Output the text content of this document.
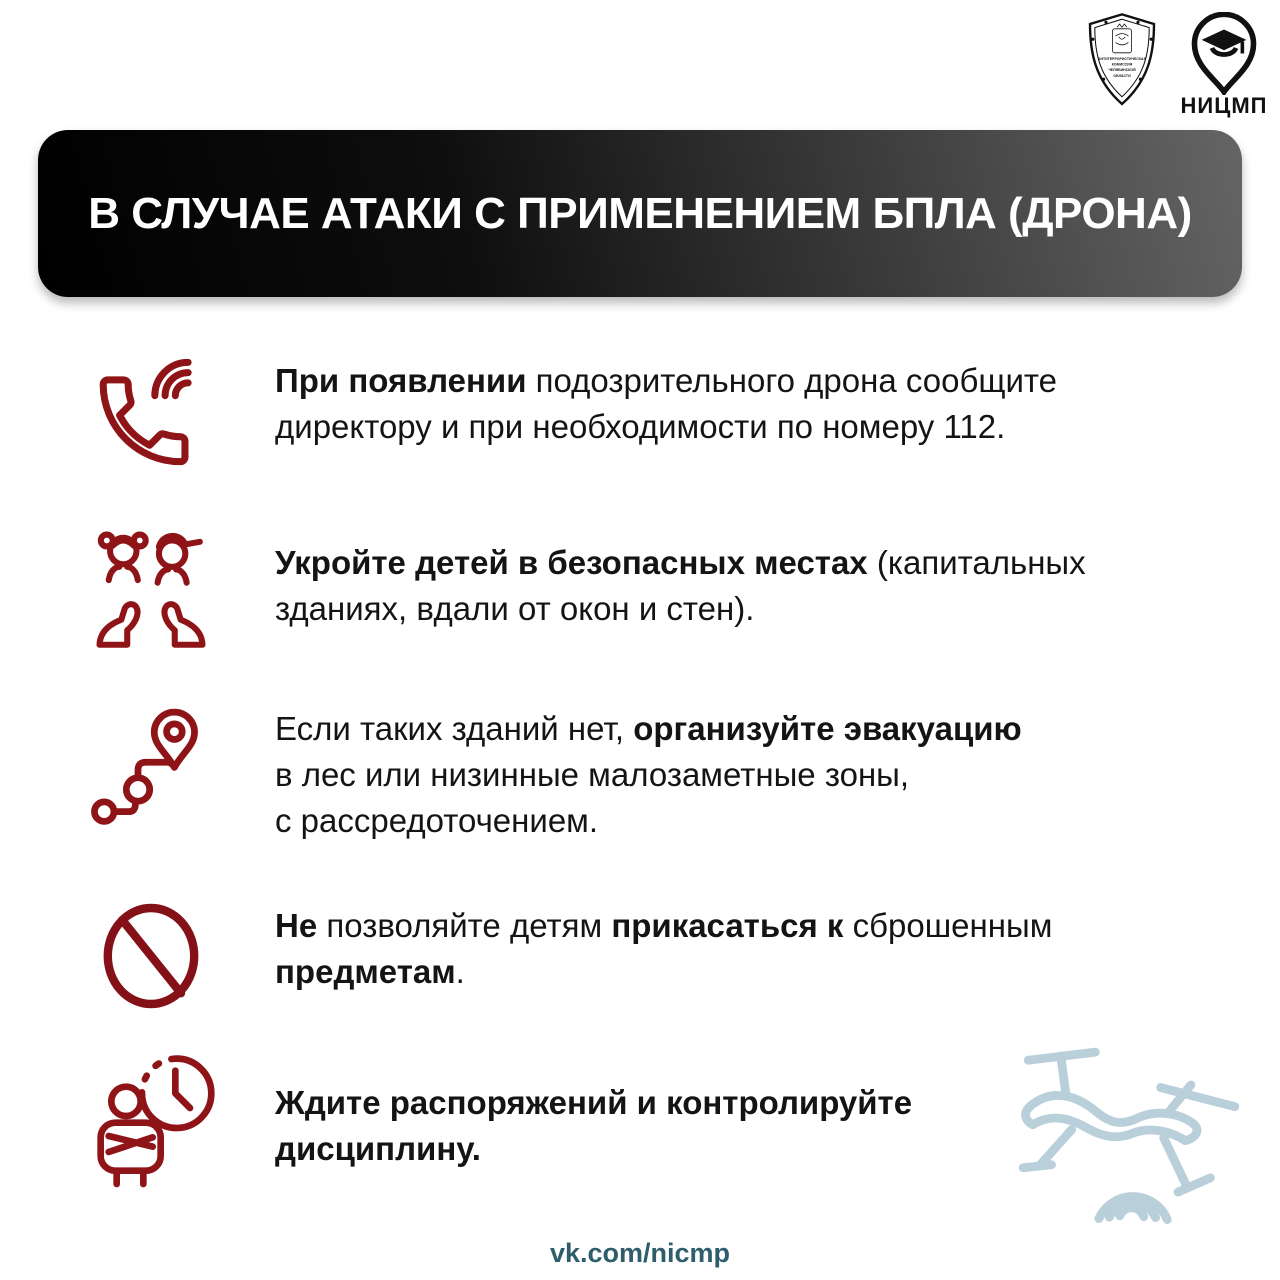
АНТИТЕРРОРИСТИЧЕСКАЯ
КОМИССИЯ
ЧЕЛЯБИНСКОЙ
ОБЛАСТИ
НИЦМП
В СЛУЧАЕ АТАКИ С ПРИМЕНЕНИЕМ БПЛА (ДРОНА)
При появлении подозрительного дрона сообщите
директору и при необходимости по номеру 112.
Укройте детей в безопасных местах (капитальных
зданиях, вдали от окон и стен).
Если таких зданий нет, организуйте эвакуацию
в лес или низинные малозаметные зоны,
с рассредоточением.
Не позволяйте детям прикасаться к сброшенным
предметам.
Ждите распоряжений и контролируйте
дисциплину.
vk.com/nicmp
